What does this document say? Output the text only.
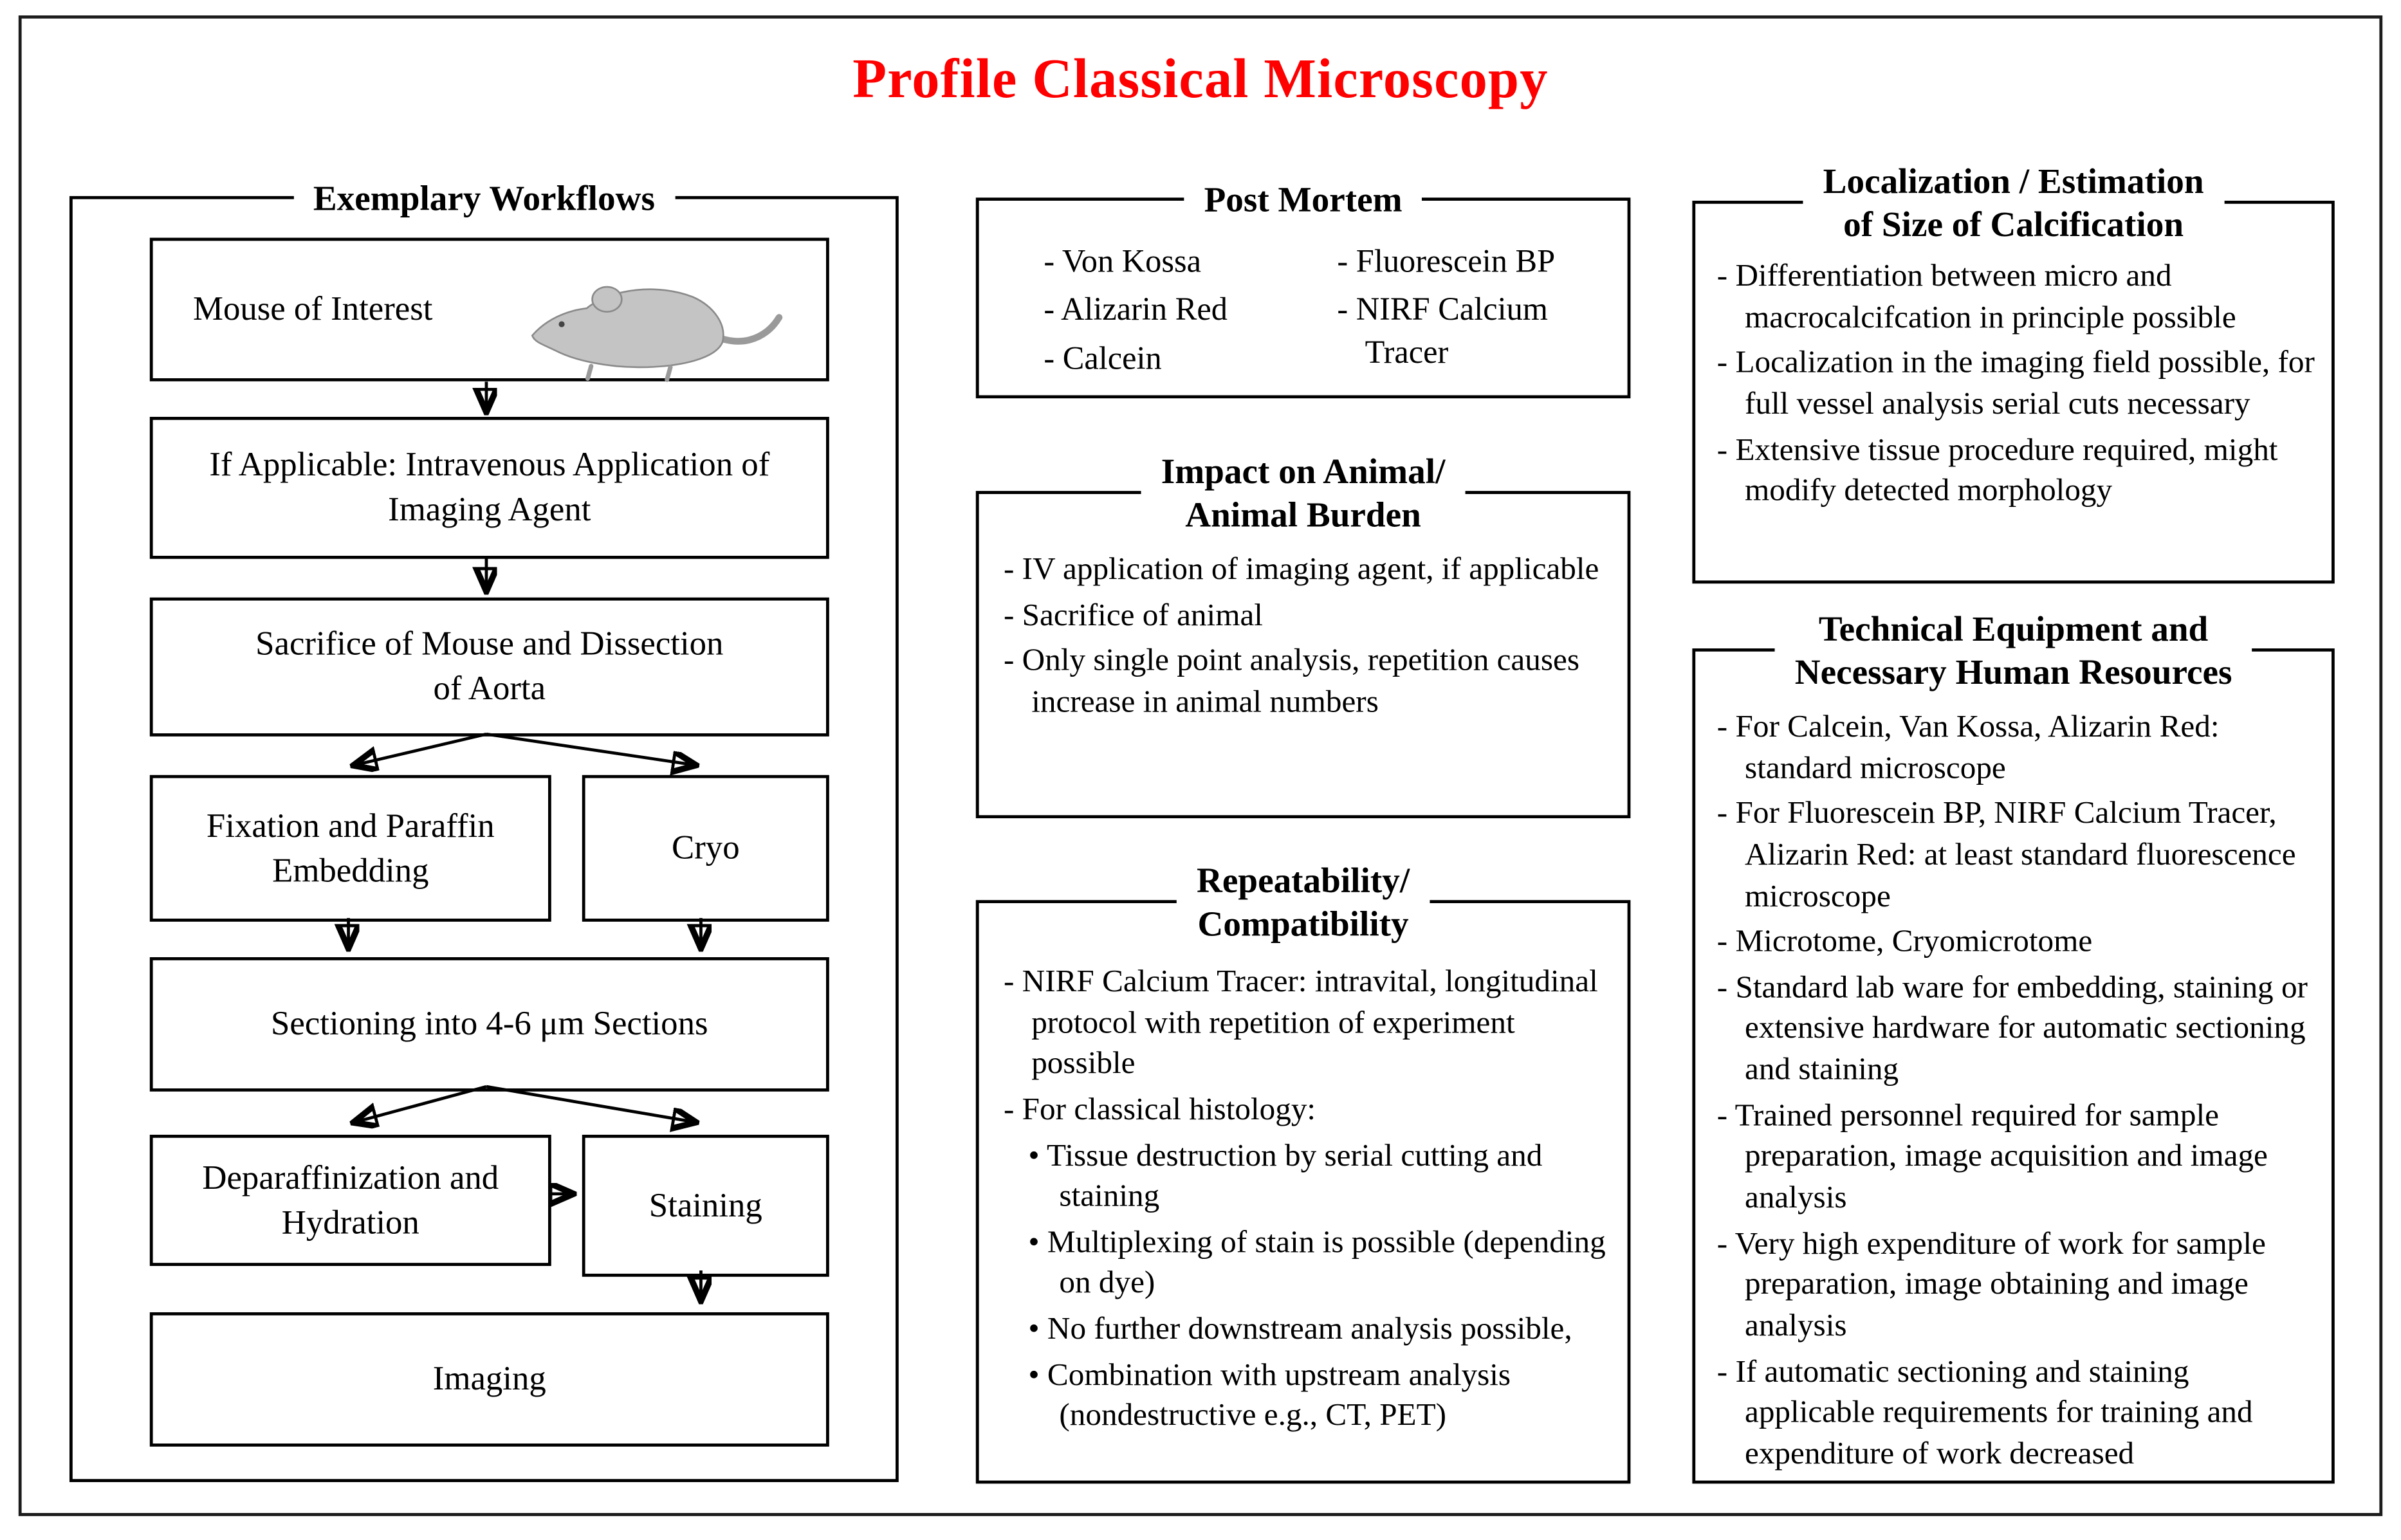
Profile Classical Microscopy
Exemplary Workflows
Mouse of Interest
If Applicable: Intravenous Application of Imaging Agent
Sacrifice of Mouse and Dissection of Aorta
Fixation and Paraffin Embedding
Cryo
Sectioning into 4-6 μm Sections
Deparaffinization and Hydration	Staining
Imaging
Post Mortem
- Von Kossa
- Alizarin Red
- Calcein
- Fluorescein BP
- NIRF Calcium Tracer
Impact on Animal/
Animal Burden
- IV application of imaging agent, if applicable
- Sacrifice of animal
- Only single point analysis, repetition causes increase in animal numbers
Repeatability/
Compatibility
- NIRF Calcium Tracer: intravital, longitudinal protocol with repetition of experiment possible
- For classical histology:
• Tissue destruction by serial cutting and staining
• Multiplexing of stain is possible (depending on dye)
• No further downstream analysis possible,
• Combination with upstream analysis (nondestructive e.g., CT, PET)
Localization / Estimation
of Size of Calcification
- Differentiation between micro and macrocalcifcation in principle possible
- Localization in the imaging field possible, for full vessel analysis serial cuts necessary
- Extensive tissue procedure required, might modify detected morphology
Technical Equipment and
Necessary Human Resources
- For Calcein, Van Kossa, Alizarin Red: standard microscope
- For Fluorescein BP, NIRF Calcium Tracer, Alizarin Red: at least standard fluorescence microscope
- Microtome, Cryomicrotome
- Standard lab ware for embedding, staining or extensive hardware for automatic sectioning and staining
- Trained personnel required for sample preparation, image acquisition and image analysis
- Very high expenditure of work for sample preparation, image obtaining and image analysis
- If automatic sectioning and staining applicable requirements for training and expenditure of work decreased
